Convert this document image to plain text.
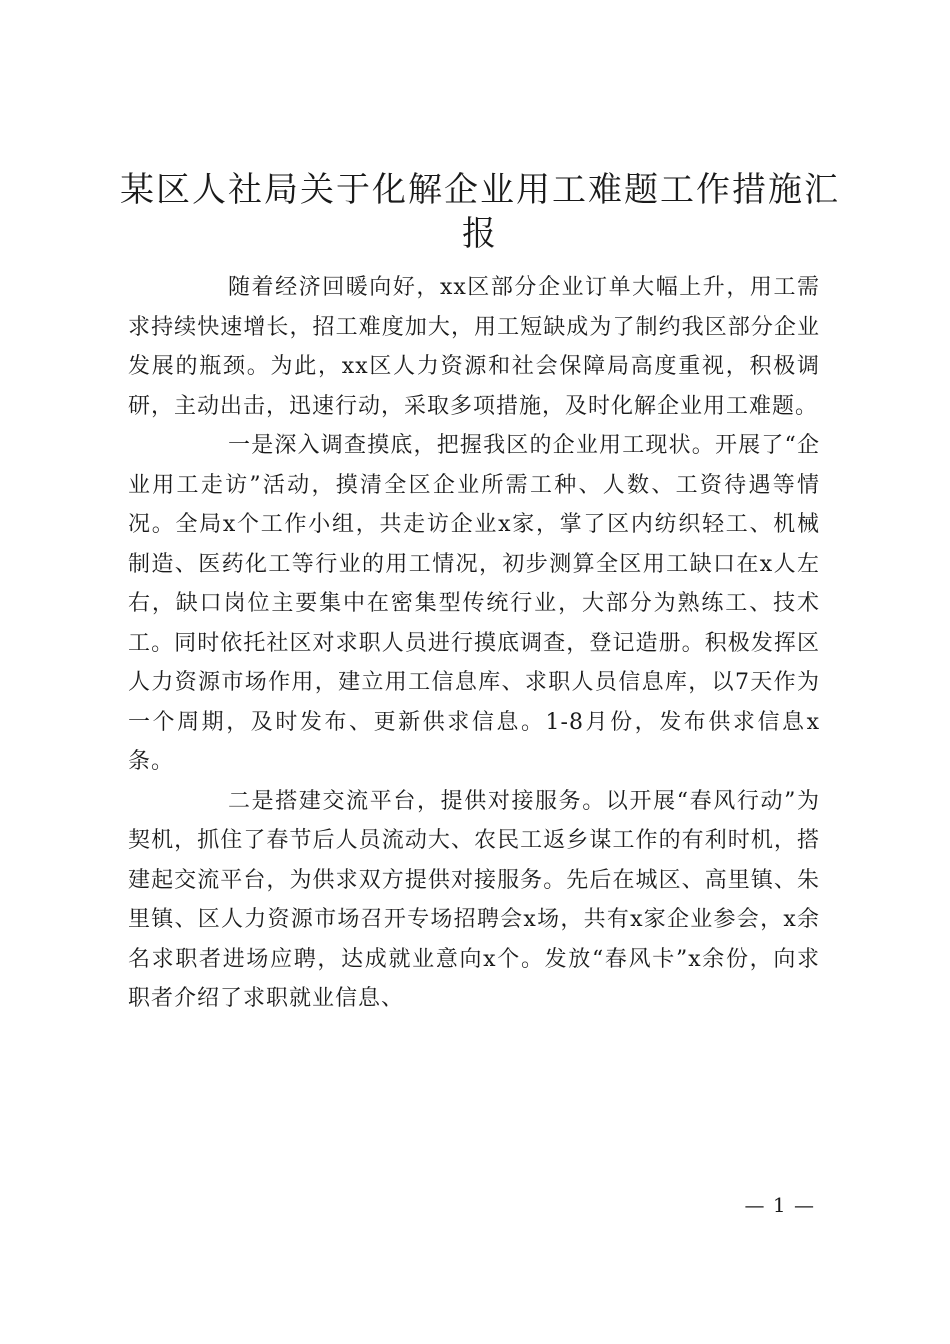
某区人社局关于化解企业用工难题工作措施汇报

随着经济回暖向好，xx区部分企业订单大幅上升，用工需求持续快速增长，招工难度加大，用工短缺成为了制约我区部分企业发展的瓶颈。为此，xx区人力资源和社会保障局高度重视，积极调研，主动出击，迅速行动，采取多项措施，及时化解企业用工难题。

一是深入调查摸底，把握我区的企业用工现状。开展了“企业用工走访”活动，摸清全区企业所需工种、人数、工资待遇等情况。全局x个工作小组，共走访企业x家，掌了区内纺织轻工、机械制造、医药化工等行业的用工情况，初步测算全区用工缺口在x人左右，缺口岗位主要集中在密集型传统行业，大部分为熟练工、技术工。同时依托社区对求职人员进行摸底调查，登记造册。积极发挥区人力资源市场作用，建立用工信息库、求职人员信息库，以7天作为一个周期，及时发布、更新供求信息。1-8月份，发布供求信息x条。

二是搭建交流平台，提供对接服务。以开展“春风行动”为契机，抓住了春节后人员流动大、农民工返乡谋工作的有利时机，搭建起交流平台，为供求双方提供对接服务。先后在城区、高里镇、朱里镇、区人力资源市场召开专场招聘会x场，共有x家企业参会，x余名求职者进场应聘，达成就业意向x个。发放“春风卡”x余份，向求职者介绍了求职就业信息、

— 1 —
